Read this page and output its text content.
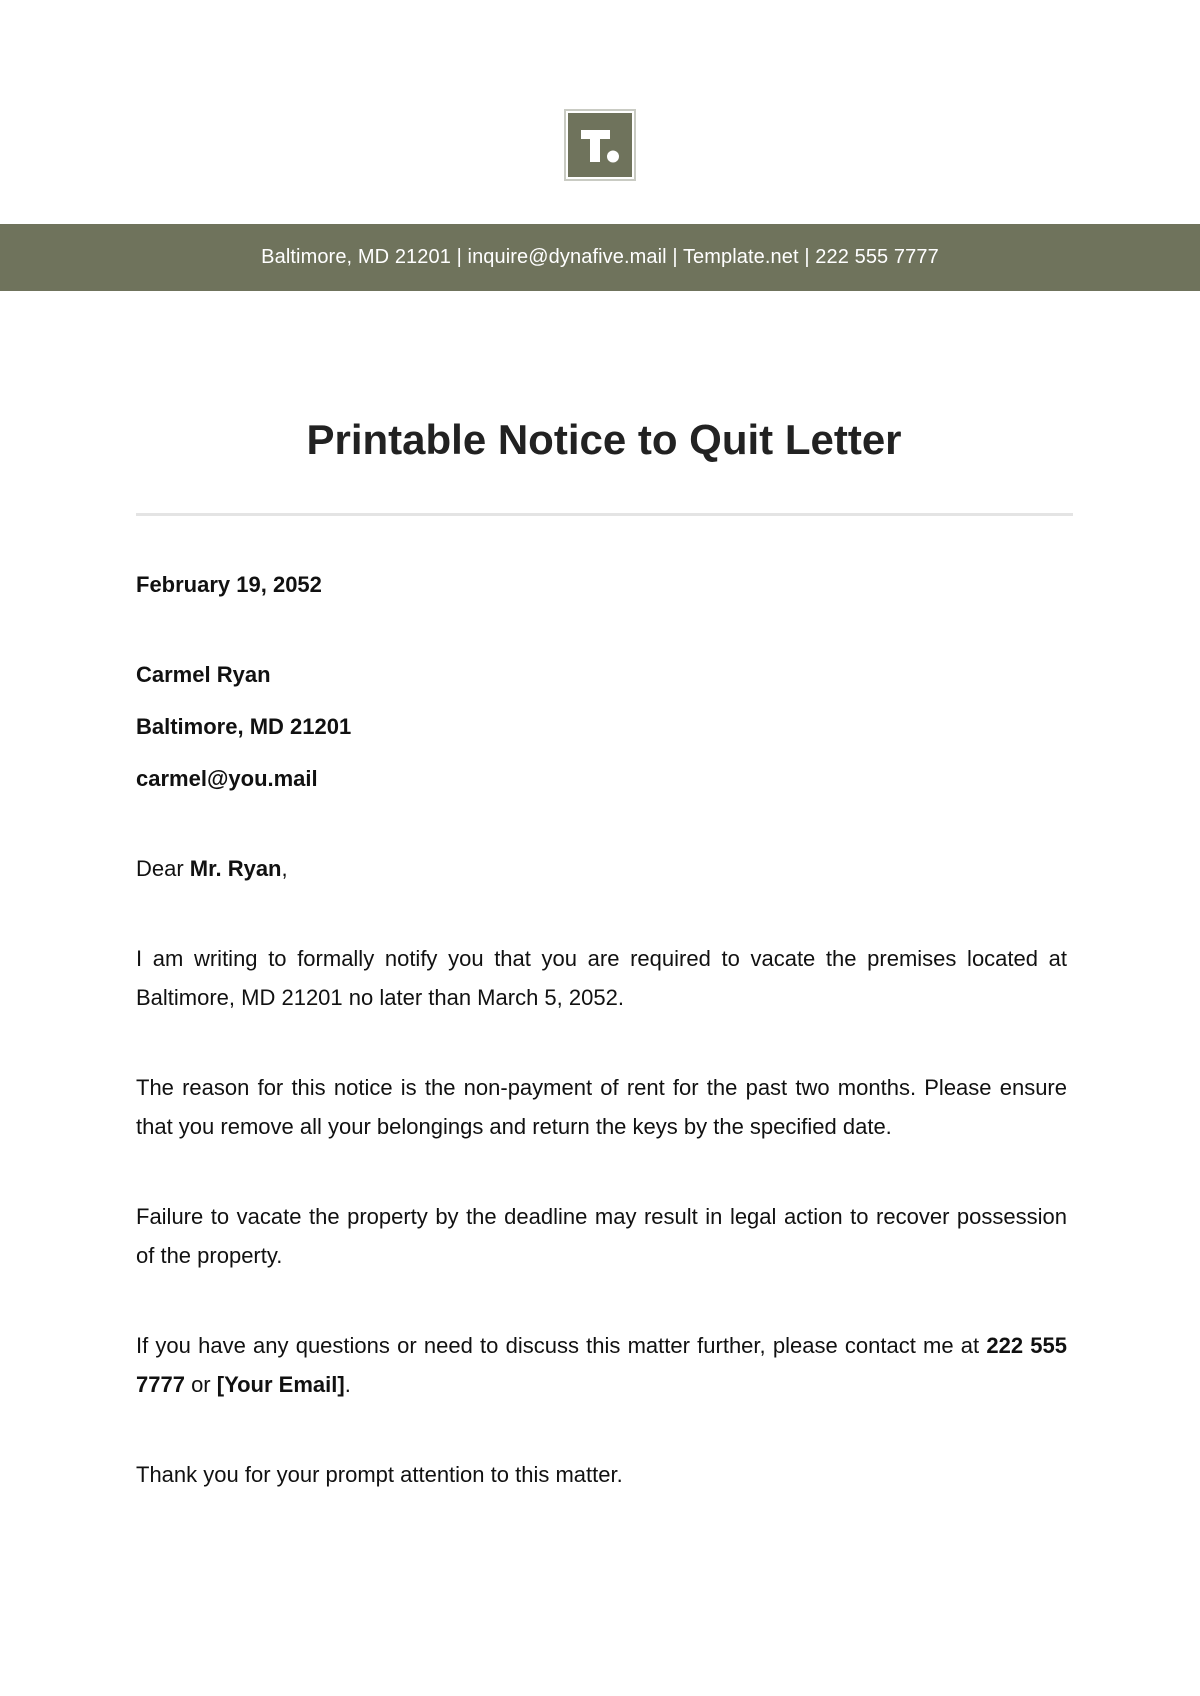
Baltimore, MD 21201 | inquire@dynafive.mail | Template.net | 222 555 7777
Printable Notice to Quit Letter

February 19, 2052

Carmel Ryan

Baltimore, MD 21201

carmel@you.mail

Dear Mr. Ryan,

I am writing to formally notify you that you are required to vacate the premises located at Baltimore, MD 21201 no later than March 5, 2052.

The reason for this notice is the non-payment of rent for the past two months. Please ensure that you remove all your belongings and return the keys by the specified date.

Failure to vacate the property by the deadline may result in legal action to recover possession of the property.

If you have any questions or need to discuss this matter further, please contact me at 222 555 7777 or [Your Email].

Thank you for your prompt attention to this matter.
